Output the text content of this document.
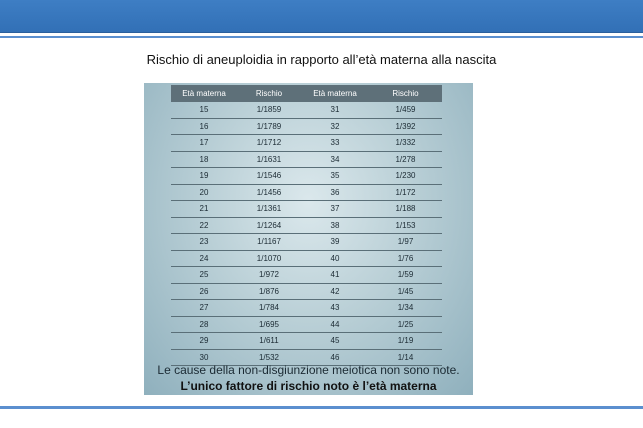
Rischio di aneuploidia in rapporto all’età materna alla nascita
Età materna	Rischio	Età materna	Rischio
15	1/1859	31	1/459
16	1/1789	32	1/392
17	1/1712	33	1/332
18	1/1631	34	1/278
19	1/1546	35	1/230
20	1/1456	36	1/172
21	1/1361	37	1/188
22	1/1264	38	1/153
23	1/1167	39	1/97
24	1/1070	40	1/76
25	1/972	41	1/59
26	1/876	42	1/45
27	1/784	43	1/34
28	1/695	44	1/25
29	1/611	45	1/19
30	1/532	46	1/14
Le cause della non-disgiunzione meiotica non sono note.
L’unico fattore di rischio noto è l’età materna
